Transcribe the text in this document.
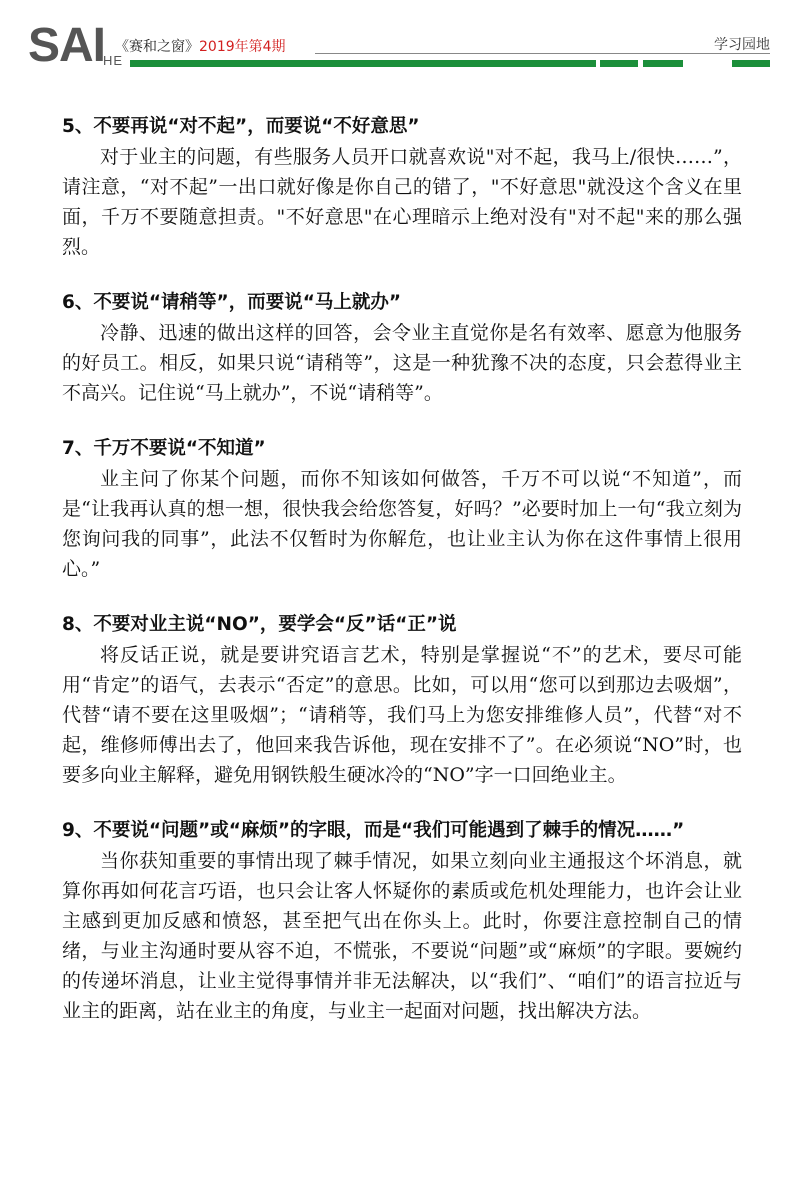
SAI
HE
《赛和之窗》2019年第4期	学习园地
5、不要再说“对不起”，而要说“不好意思”

对于业主的问题，有些服务人员开口就喜欢说"对不起，我马上/很快……”，请注意，“对不起”一出口就好像是你自己的错了，"不好意思"就没这个含义在里面，千万不要随意担责。"不好意思"在心理暗示上绝对没有"对不起"来的那么强烈。

6、不要说“请稍等”，而要说“马上就办”

冷静、迅速的做出这样的回答，会令业主直觉你是名有效率、愿意为他服务的好员工。相反，如果只说“请稍等”，这是一种犹豫不决的态度，只会惹得业主不高兴。记住说“马上就办”，不说“请稍等”。

7、千万不要说“不知道”

业主问了你某个问题，而你不知该如何做答，千万不可以说“不知道”，而是“让我再认真的想一想，很快我会给您答复，好吗？”必要时加上一句“我立刻为您询问我的同事”，此法不仅暂时为你解危，也让业主认为你在这件事情上很用心。”

8、不要对业主说“NO”，要学会“反”话“正”说

将反话正说，就是要讲究语言艺术，特别是掌握说“不”的艺术，要尽可能用“肯定”的语气，去表示“否定”的意思。比如，可以用“您可以到那边去吸烟”，代替“请不要在这里吸烟”；“请稍等，我们马上为您安排维修人员”，代替“对不起，维修师傅出去了，他回来我告诉他，现在安排不了”。在必须说“NO”时，也要多向业主解释，避免用钢铁般生硬冰冷的“NO”字一口回绝业主。

9、不要说“问题”或“麻烦”的字眼，而是“我们可能遇到了棘手的情况……”

当你获知重要的事情出现了棘手情况，如果立刻向业主通报这个坏消息，就算你再如何花言巧语，也只会让客人怀疑你的素质或危机处理能力，也许会让业主感到更加反感和愤怒，甚至把气出在你头上。此时，你要注意控制自己的情绪，与业主沟通时要从容不迫，不慌张，不要说“问题”或“麻烦”的字眼。要婉约的传递坏消息，让业主觉得事情并非无法解决，以“我们”、“咱们”的语言拉近与业主的距离，站在业主的角度，与业主一起面对问题，找出解决方法。
